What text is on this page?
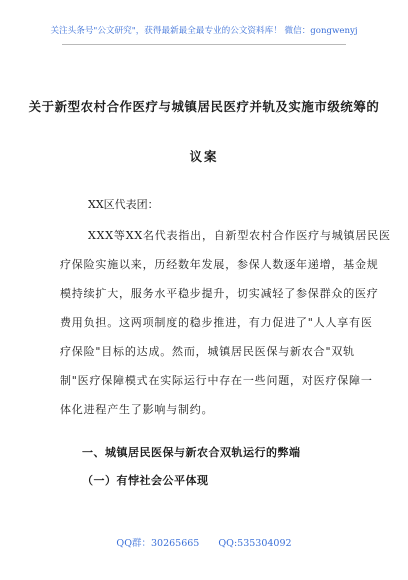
关注头条号"公文研究"，获得最新最全最专业的公文资料库！ 微信：gongwenyj
关于新型农村合作医疗与城镇居民医疗并轨及实施市级统筹的
议案
XX区代表团：
XXX等XX名代表指出，自新型农村合作医疗与城镇居民医
疗保险实施以来，历经数年发展，参保人数逐年递增，基金规
模持续扩大，服务水平稳步提升，切实减轻了参保群众的医疗
费用负担。这两项制度的稳步推进，有力促进了"人人享有医
疗保险"目标的达成。然而，城镇居民医保与新农合"双轨
制"医疗保障模式在实际运行中存在一些问题，对医疗保障一
体化进程产生了影响与制约。
一、城镇居民医保与新农合双轨运行的弊端
（一）有悖社会公平体现
QQ群：30265665 QQ:535304092
